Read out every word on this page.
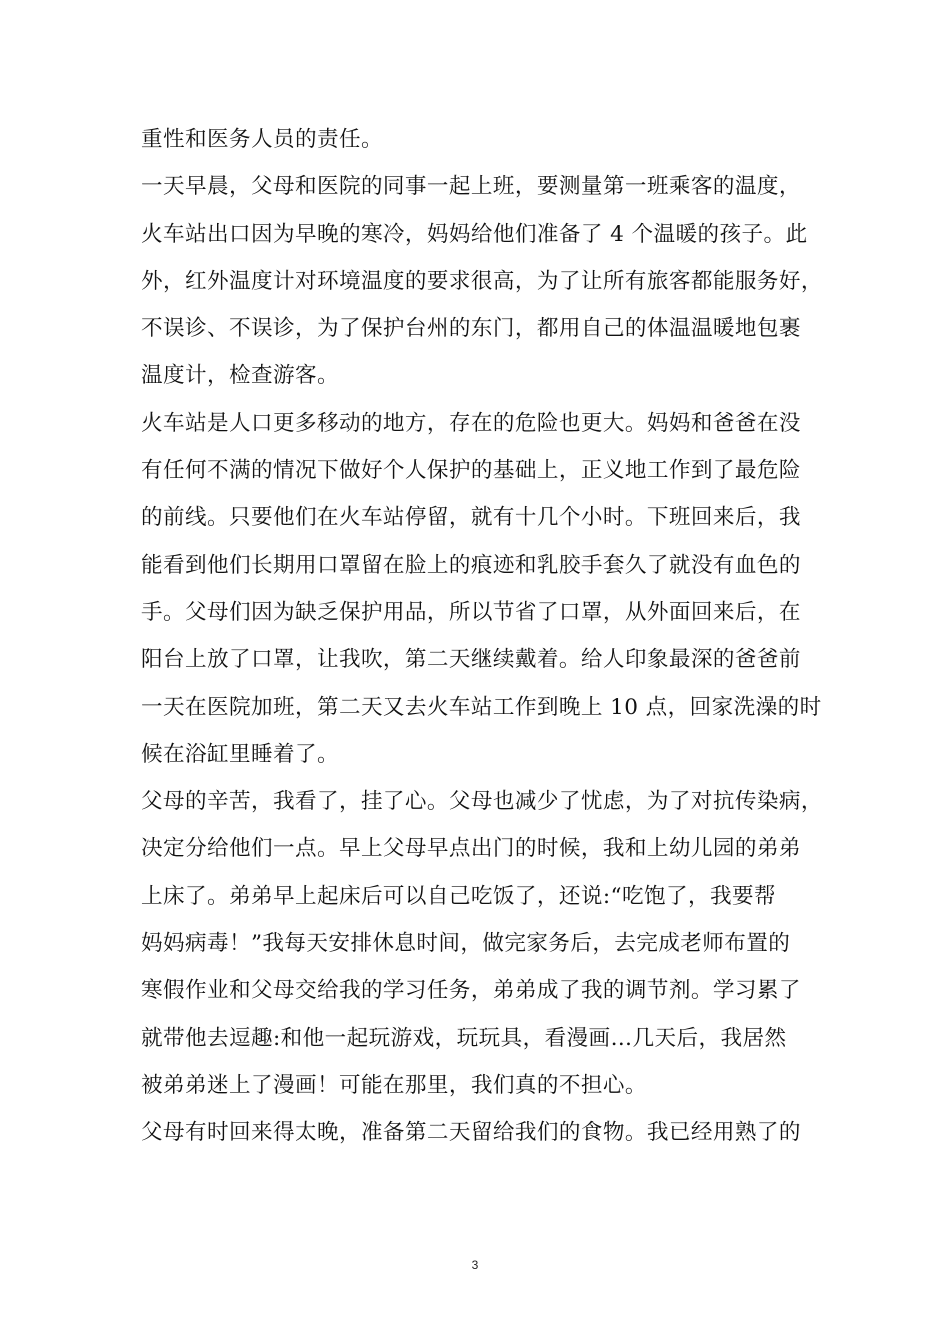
重性和医务人员的责任。
一天早晨，父母和医院的同事一起上班，要测量第一班乘客的温度，
火车站出口因为早晚的寒冷，妈妈给他们准备了 4 个温暖的孩子。此
外，红外温度计对环境温度的要求很高，为了让所有旅客都能服务好，
不误诊、不误诊，为了保护台州的东门，都用自己的体温温暖地包裹
温度计，检查游客。
火车站是人口更多移动的地方，存在的危险也更大。妈妈和爸爸在没
有任何不满的情况下做好个人保护的基础上，正义地工作到了最危险
的前线。只要他们在火车站停留，就有十几个小时。下班回来后，我
能看到他们长期用口罩留在脸上的痕迹和乳胶手套久了就没有血色的
手。父母们因为缺乏保护用品，所以节省了口罩，从外面回来后，在
阳台上放了口罩，让我吹，第二天继续戴着。给人印象最深的爸爸前
一天在医院加班，第二天又去火车站工作到晚上 10 点，回家洗澡的时
候在浴缸里睡着了。
父母的辛苦，我看了，挂了心。父母也减少了忧虑，为了对抗传染病，
决定分给他们一点。早上父母早点出门的时候，我和上幼儿园的弟弟
上床了。弟弟早上起床后可以自己吃饭了，还说:“吃饱了，我要帮
妈妈病毒！”我每天安排休息时间，做完家务后，去完成老师布置的
寒假作业和父母交给我的学习任务，弟弟成了我的调节剂。学习累了
就带他去逗趣:和他一起玩游戏，玩玩具，看漫画…几天后，我居然
被弟弟迷上了漫画！可能在那里，我们真的不担心。
父母有时回来得太晚，准备第二天留给我们的食物。我已经用熟了的
3
